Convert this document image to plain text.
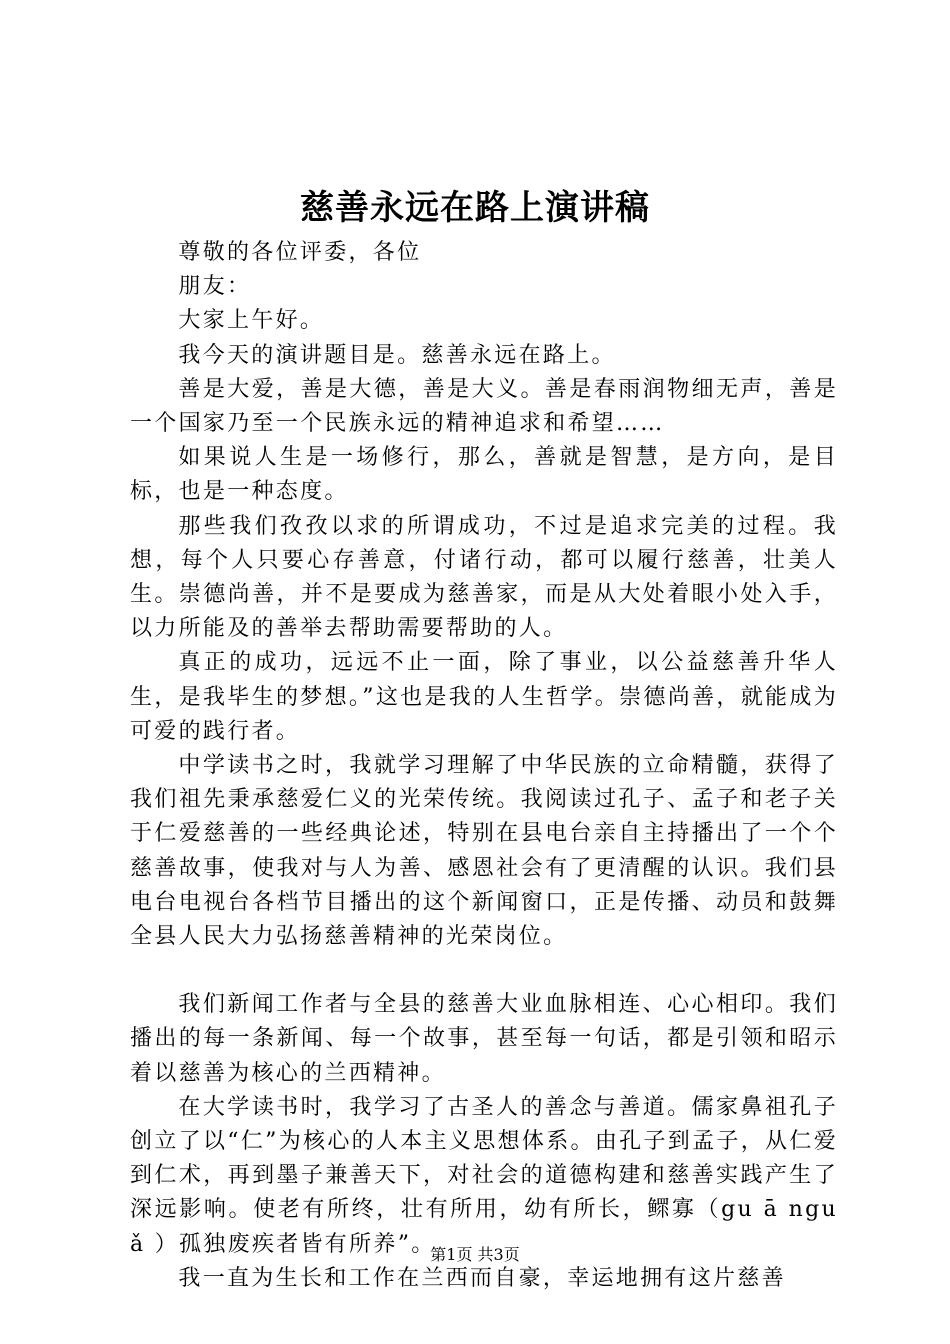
慈善永远在路上演讲稿

尊敬的各位评委，各位

朋友：

大家上午好。

我今天的演讲题目是。慈善永远在路上。

善是大爱，善是大德，善是大义。善是春雨润物细无声，善是一个国家乃至一个民族永远的精神追求和希望……

如果说人生是一场修行，那么，善就是智慧，是方向，是目标，也是一种态度。

那些我们孜孜以求的所谓成功，不过是追求完美的过程。我想，每个人只要心存善意，付诸行动，都可以履行慈善，壮美人生。崇德尚善，并不是要成为慈善家，而是从大处着眼小处入手，以力所能及的善举去帮助需要帮助的人。

真正的成功，远远不止一面，除了事业，以公益慈善升华人生，是我毕生的梦想。”这也是我的人生哲学。崇德尚善，就能成为可爱的践行者。

中学读书之时，我就学习理解了中华民族的立命精髓，获得了我们祖先秉承慈爱仁义的光荣传统。我阅读过孔子、孟子和老子关于仁爱慈善的一些经典论述，特别在县电台亲自主持播出了一个个慈善故事，使我对与人为善、感恩社会有了更清醒的认识。我们县电台电视台各档节目播出的这个新闻窗口，正是传播、动员和鼓舞全县人民大力弘扬慈善精神的光荣岗位。

我们新闻工作者与全县的慈善大业血脉相连、心心相印。我们播出的每一条新闻、每一个故事，甚至每一句话，都是引领和昭示着以慈善为核心的兰西精神。

在大学读书时，我学习了古圣人的善念与善道。儒家鼻祖孔子创立了以“仁”为核心的人本主义思想体系。由孔子到孟子，从仁爱到仁术，再到墨子兼善天下，对社会的道德构建和慈善实践产生了深远影响。使老有所终，壮有所用，幼有所长，鳏寡（gu ā ngu ǎ ）孤独废疾者皆有所养”。

我一直为生长和工作在兰西而自豪，幸运地拥有这片慈善

第1页 共3页
